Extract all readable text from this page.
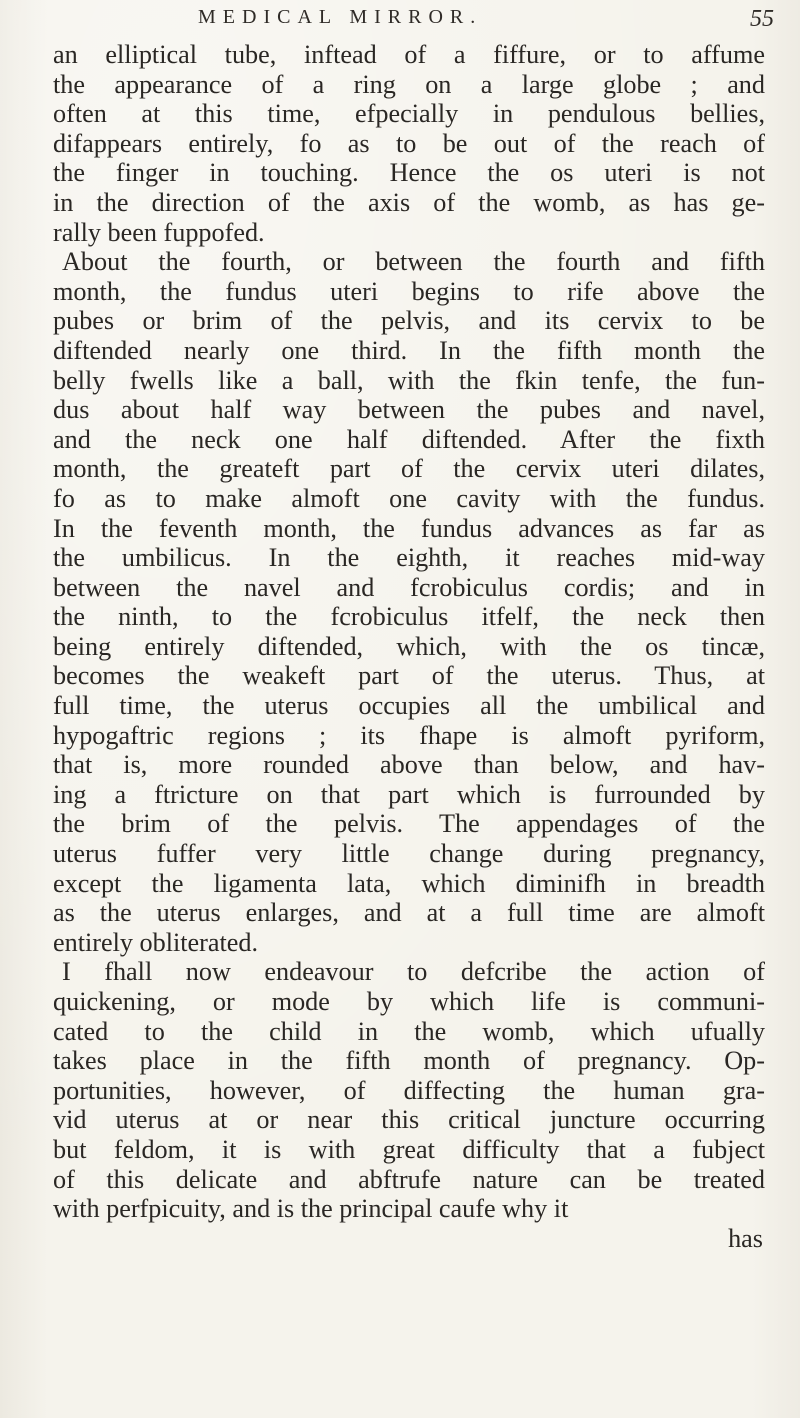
MEDICAL MIRROR.	55
an elliptical tube, inftead of a fiffure, or to affume
the appearance of a ring on a large globe ; and
often at this time, efpecially in pendulous bellies,
difappears entirely, fo as to be out of the reach of
the finger in touching. Hence the os uteri is not
in the direction of the axis of the womb, as has ge-
rally been fuppofed.
About the fourth, or between the fourth and fifth
month, the fundus uteri begins to rife above the
pubes or brim of the pelvis, and its cervix to be
diftended nearly one third. In the fifth month the
belly fwells like a ball, with the fkin tenfe, the fun-
dus about half way between the pubes and navel,
and the neck one half diftended. After the fixth
month, the greateft part of the cervix uteri dilates,
fo as to make almoft one cavity with the fundus.
In the feventh month, the fundus advances as far as
the umbilicus. In the eighth, it reaches mid-way
between the navel and fcrobiculus cordis; and in
the ninth, to the fcrobiculus itfelf, the neck then
being entirely diftended, which, with the os tincæ,
becomes the weakeft part of the uterus. Thus, at
full time, the uterus occupies all the umbilical and
hypogaftric regions ; its fhape is almoft pyriform,
that is, more rounded above than below, and hav-
ing a ftricture on that part which is furrounded by
the brim of the pelvis. The appendages of the
uterus fuffer very little change during pregnancy,
except the ligamenta lata, which diminifh in breadth
as the uterus enlarges, and at a full time are almoft
entirely obliterated.
I fhall now endeavour to defcribe the action of
quickening, or mode by which life is communi-
cated to the child in the womb, which ufually
takes place in the fifth month of pregnancy. Op-
portunities, however, of diffecting the human gra-
vid uterus at or near this critical juncture occurring
but feldom, it is with great difficulty that a fubject
of this delicate and abftrufe nature can be treated
with perfpicuity, and is the principal caufe why it
has
